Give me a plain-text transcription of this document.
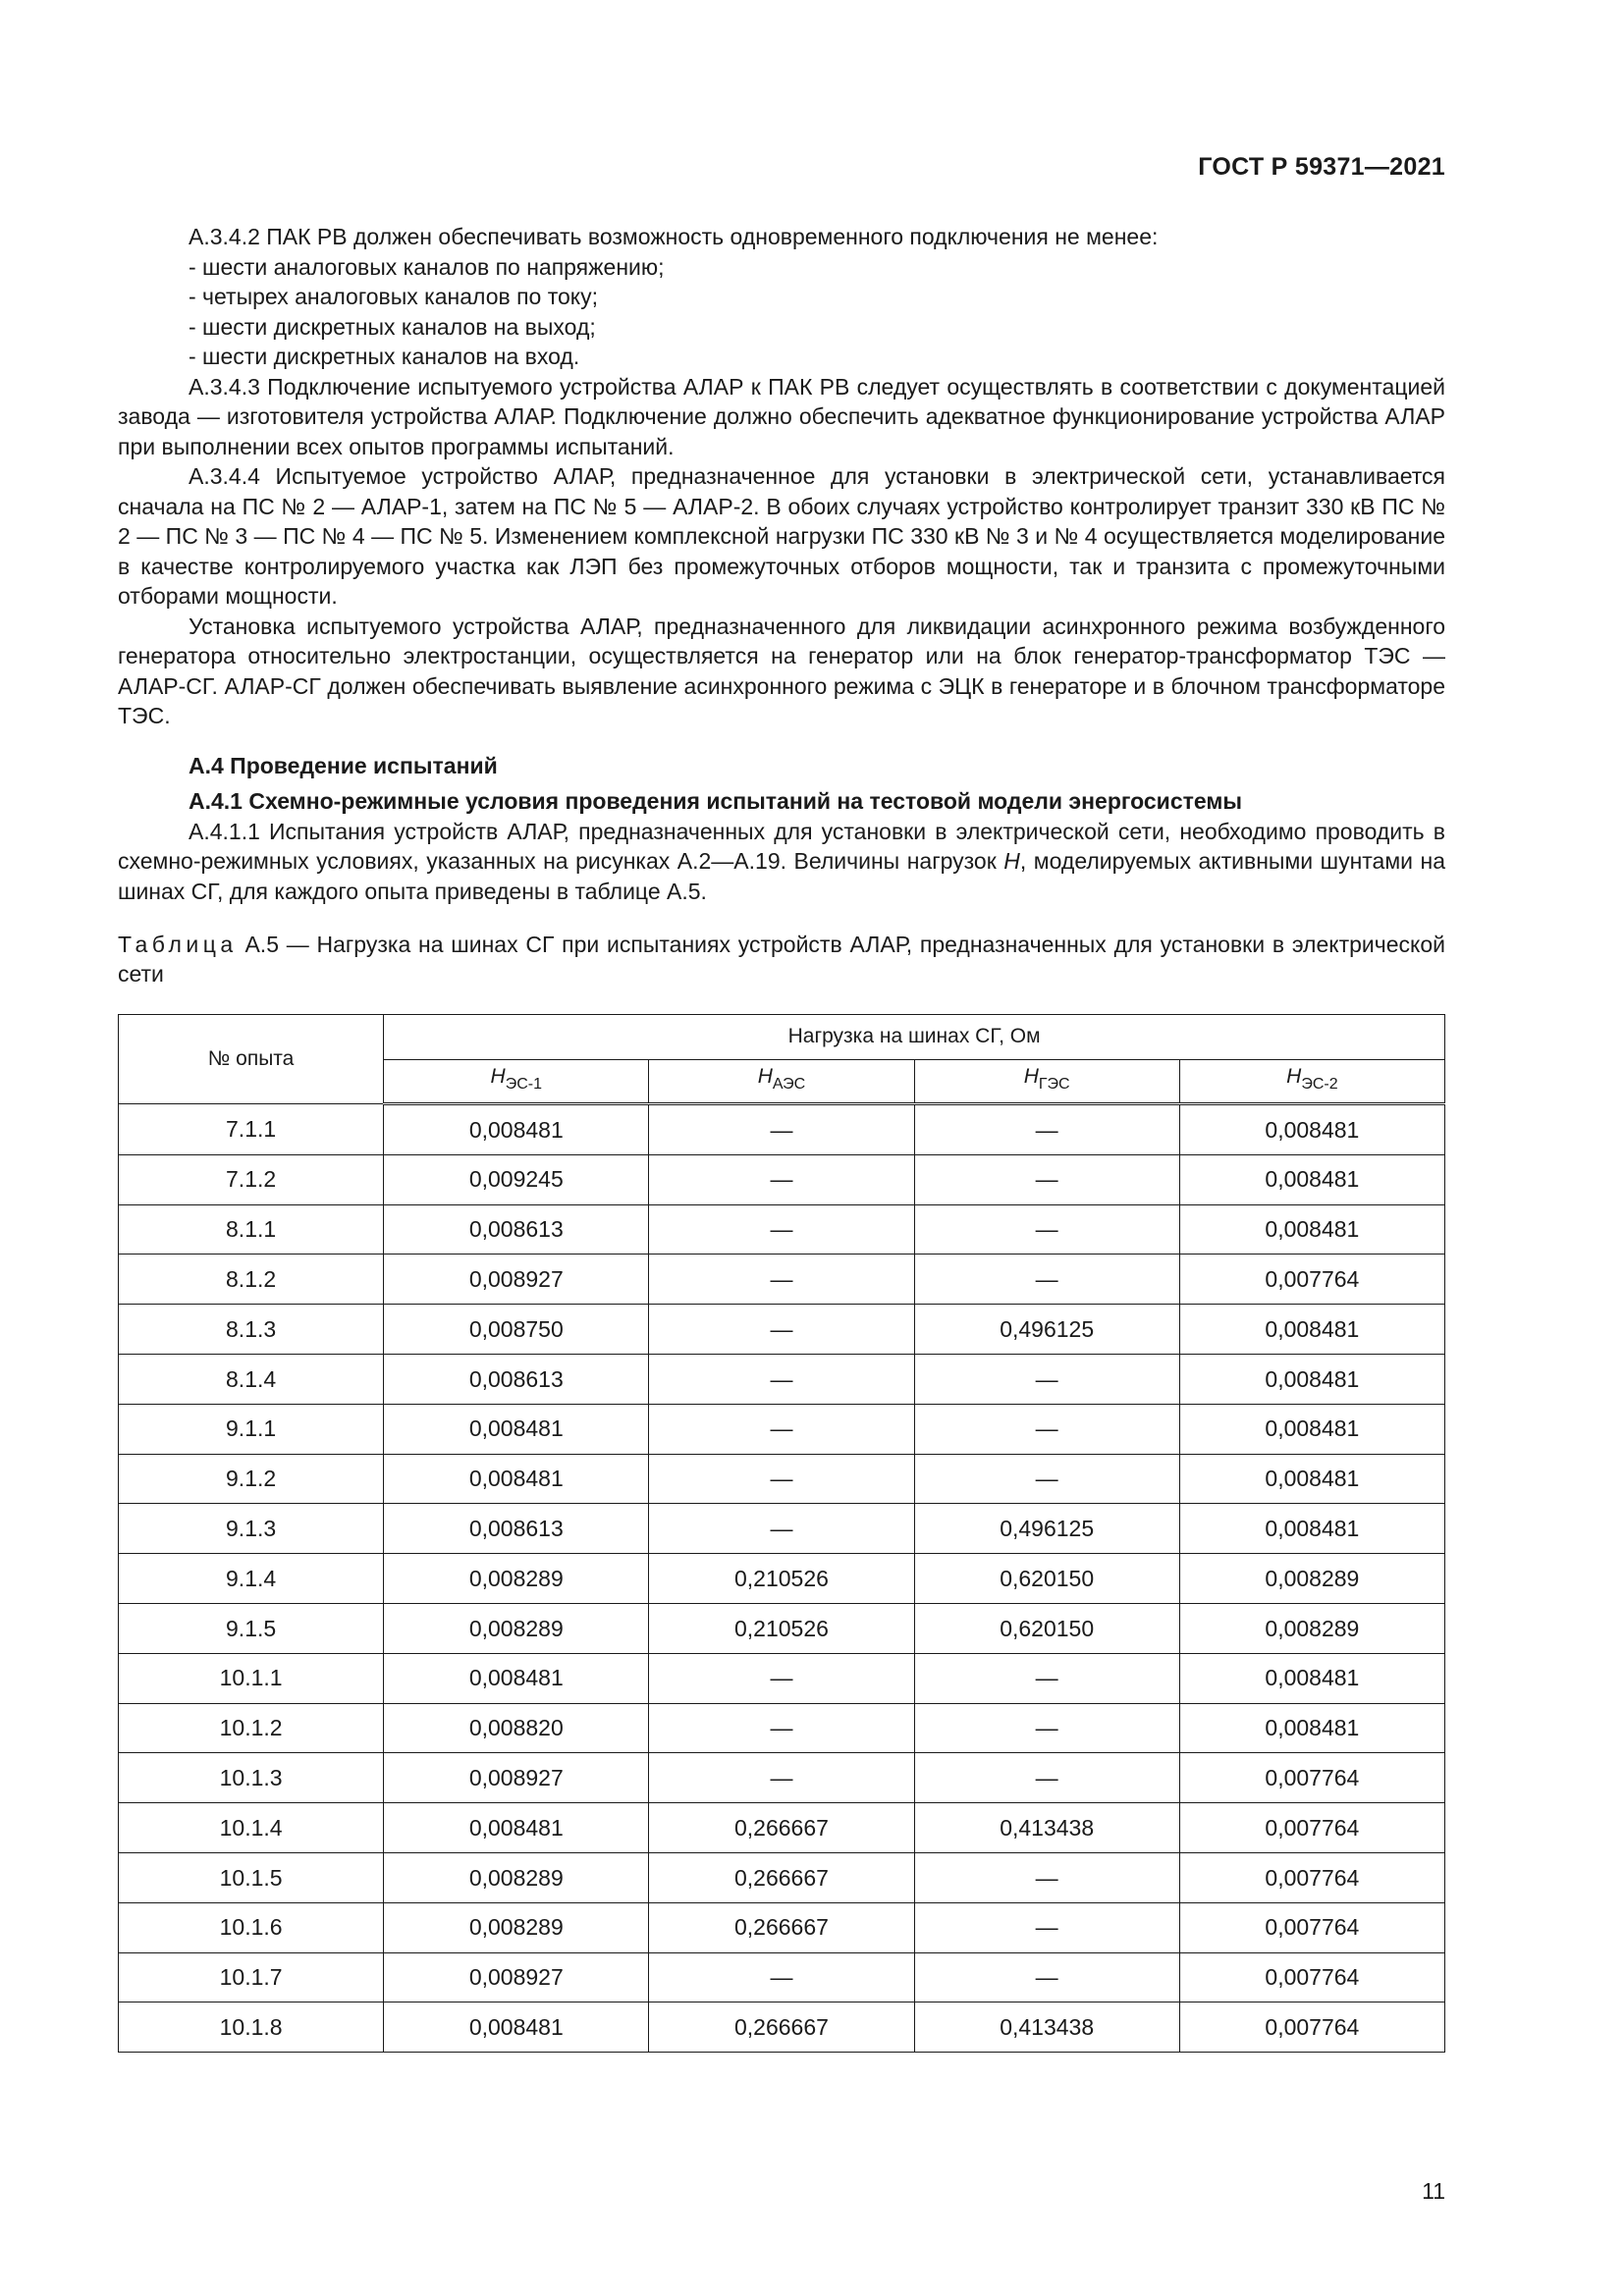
ГОСТ Р 59371—2021

А.3.4.2 ПАК РВ должен обеспечивать возможность одновременного подключения не менее:

- шести аналоговых каналов по напряжению;

- четырех аналоговых каналов по току;

- шести дискретных каналов на выход;

- шести дискретных каналов на вход.

А.3.4.3 Подключение испытуемого устройства АЛАР к ПАК РВ следует осуществлять в соответствии с документацией завода — изготовителя устройства АЛАР. Подключение должно обеспечить адекватное функционирование устройства АЛАР при выполнении всех опытов программы испытаний.

А.3.4.4 Испытуемое устройство АЛАР, предназначенное для установки в электрической сети, устанавливается сначала на ПС № 2 — АЛАР-1, затем на ПС № 5 — АЛАР-2. В обоих случаях устройство контролирует транзит 330 кВ ПС № 2 — ПС № 3 — ПС № 4 — ПС № 5. Изменением комплексной нагрузки ПС 330 кВ № 3 и № 4 осуществляется моделирование в качестве контролируемого участка как ЛЭП без промежуточных отборов мощности, так и транзита с промежуточными отборами мощности.

Установка испытуемого устройства АЛАР, предназначенного для ликвидации асинхронного режима возбужденного генератора относительно электростанции, осуществляется на генератор или на блок генератор-трансформатор ТЭС — АЛАР-СГ. АЛАР-СГ должен обеспечивать выявление асинхронного режима с ЭЦК в генераторе и в блочном трансформаторе ТЭС.

А.4 Проведение испытаний

А.4.1 Схемно-режимные условия проведения испытаний на тестовой модели энергосистемы

А.4.1.1 Испытания устройств АЛАР, предназначенных для установки в электрической сети, необходимо проводить в схемно-режимных условиях, указанных на рисунках А.2—А.19. Величины нагрузок Н, моделируемых активными шунтами на шинах СГ, для каждого опыта приведены в таблице А.5.

Таблица А.5 — Нагрузка на шинах СГ при испытаниях устройств АЛАР, предназначенных для установки в электрической сети

№ опыта	Нагрузка на шинах СГ, Ом			
	$Н_{ЭС-1}$	$Н_{АЭС}$	$Н_{ГЭС}$	$Н_{ЭС-2}$
7.1.1	0,008481	—	—	0,008481
7.1.2	0,009245	—	—	0,008481
8.1.1	0,008613	—	—	0,008481
8.1.2	0,008927	—	—	0,007764
8.1.3	0,008750	—	0,496125	0,008481
8.1.4	0,008613	—	—	0,008481
9.1.1	0,008481	—	—	0,008481
9.1.2	0,008481	—	—	0,008481
9.1.3	0,008613	—	0,496125	0,008481
9.1.4	0,008289	0,210526	0,620150	0,008289
9.1.5	0,008289	0,210526	0,620150	0,008289
10.1.1	0,008481	—	—	0,008481
10.1.2	0,008820	—	—	0,008481
10.1.3	0,008927	—	—	0,007764
10.1.4	0,008481	0,266667	0,413438	0,007764
10.1.5	0,008289	0,266667	—	0,007764
10.1.6	0,008289	0,266667	—	0,007764
10.1.7	0,008927	—	—	0,007764
10.1.8	0,008481	0,266667	0,413438	0,007764
11
